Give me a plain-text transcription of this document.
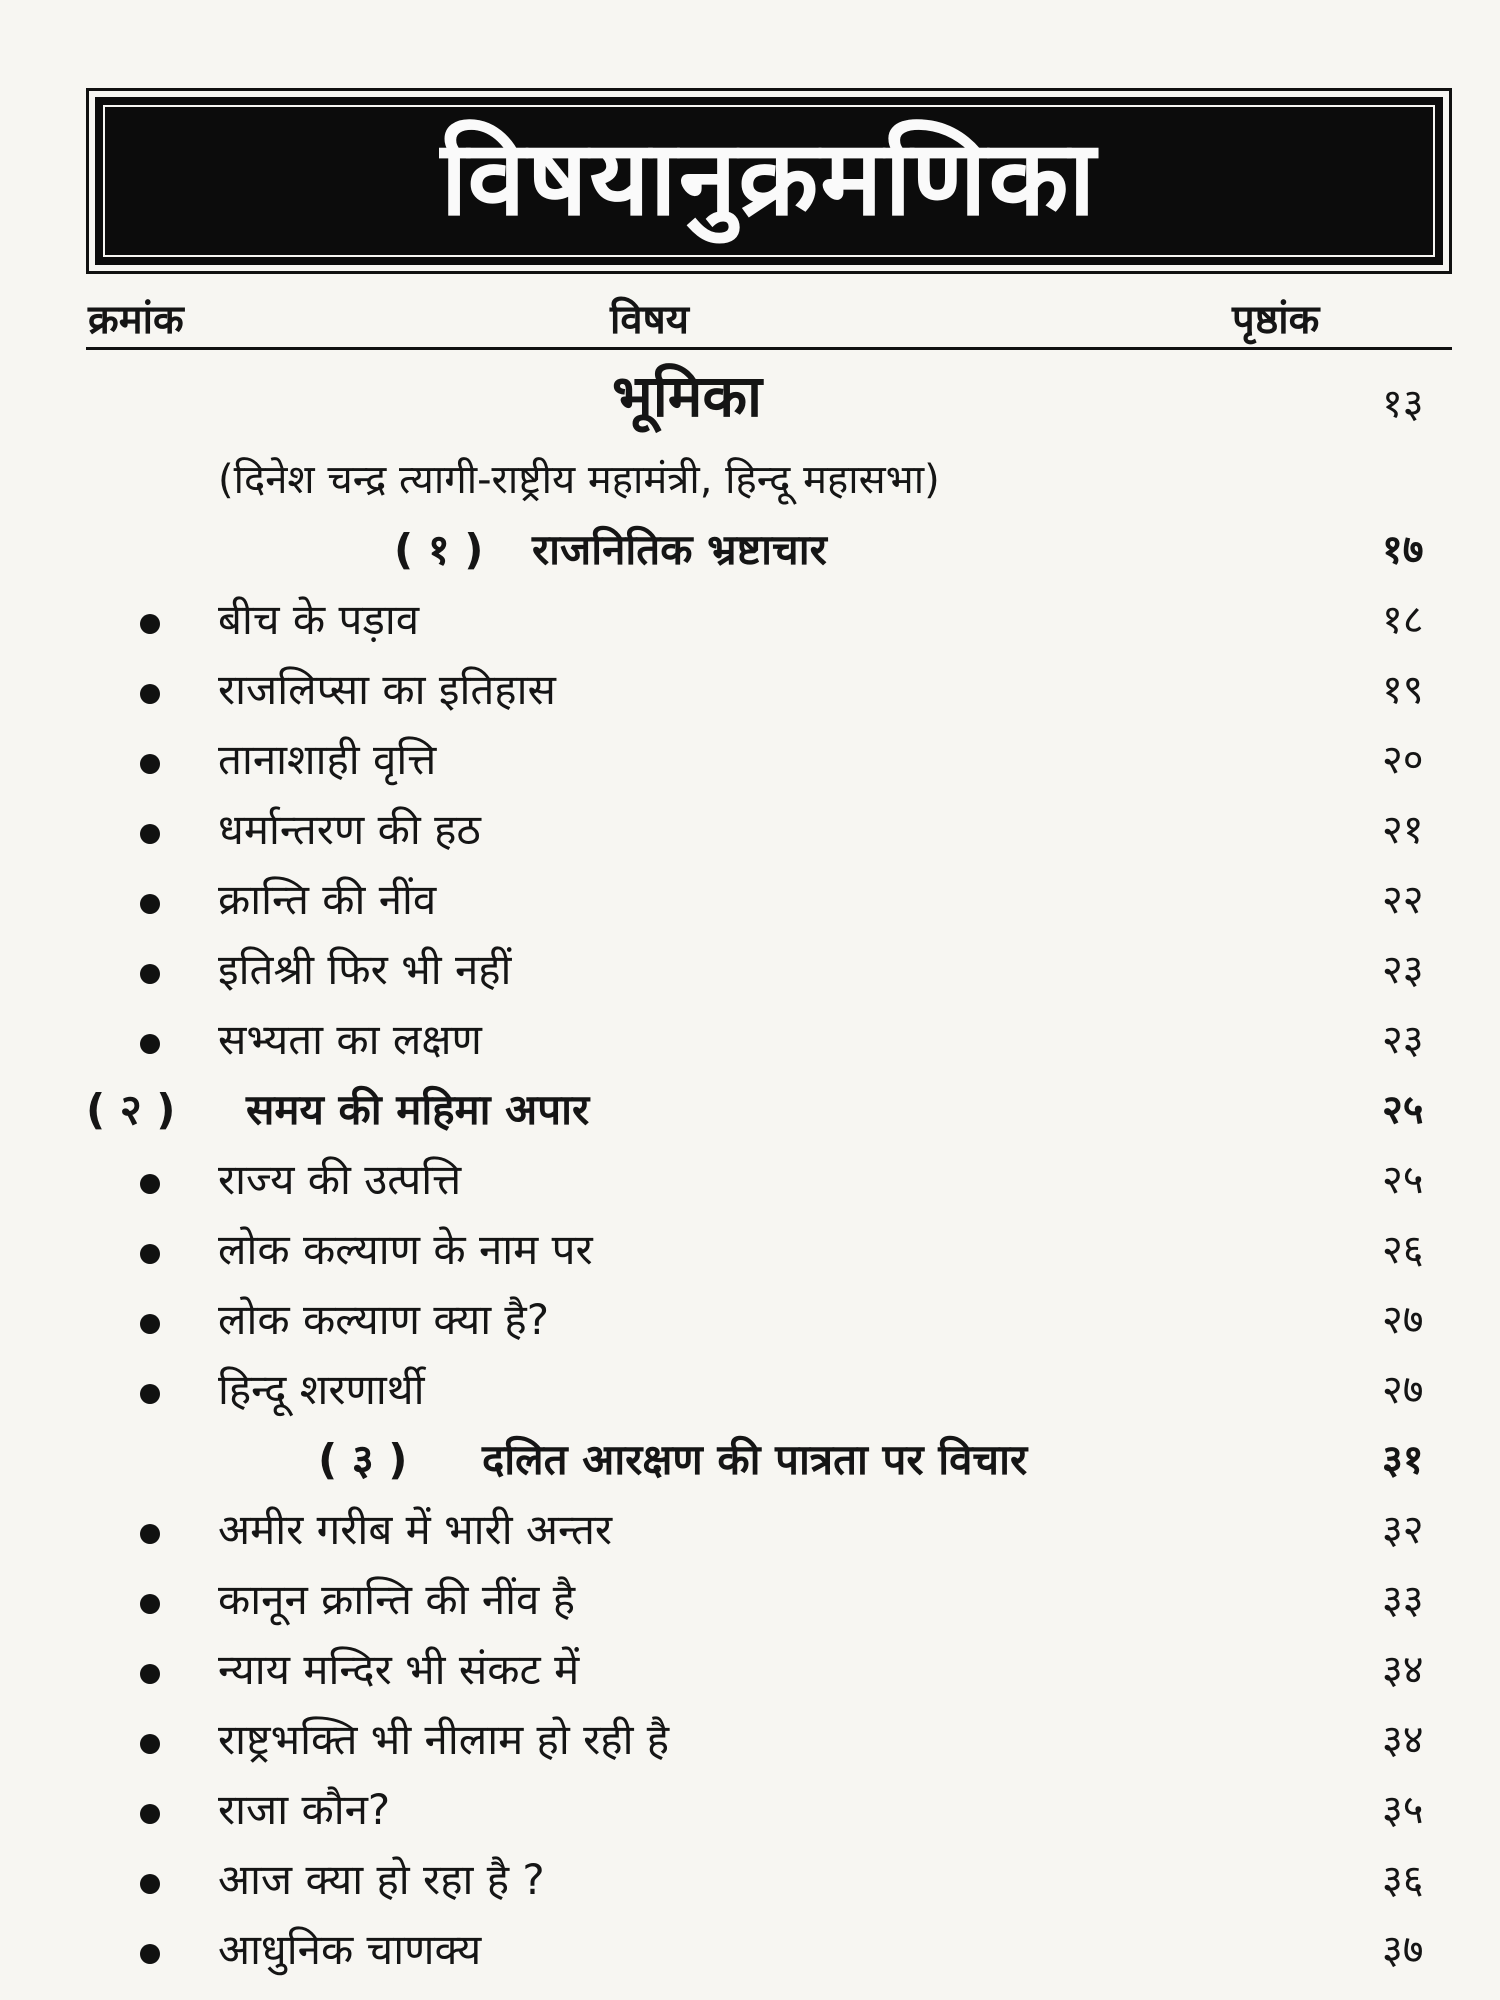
विषयानुक्रमणिका
क्रमांक	विषय	पृष्ठांक
भूमिका	१३
(दिनेश चन्द्र त्यागी-राष्ट्रीय महामंत्री, हिन्दू महासभा)
( १ ) राजनितिक भ्रष्टाचार	१७
बीच के पड़ाव	१८
राजलिप्सा का इतिहास	१९
तानाशाही वृत्ति	२०
धर्मान्तरण की हठ	२१
क्रान्ति की नींव	२२
इतिश्री फिर भी नहीं	२३
सभ्यता का लक्षण	२३
( २ ) समय की महिमा अपार	२५
राज्य की उत्पत्ति	२५
लोक कल्याण के नाम पर	२६
लोक कल्याण क्या है?	२७
हिन्दू शरणार्थी	२७
( ३ ) दलित आरक्षण की पात्रता पर विचार	३१
अमीर गरीब में भारी अन्तर	३२
कानून क्रान्ति की नींव है	३३
न्याय मन्दिर भी संकट में	३४
राष्ट्रभक्ति भी नीलाम हो रही है	३४
राजा कौन?	३५
आज क्या हो रहा है ?	३६
आधुनिक चाणक्य	३७
